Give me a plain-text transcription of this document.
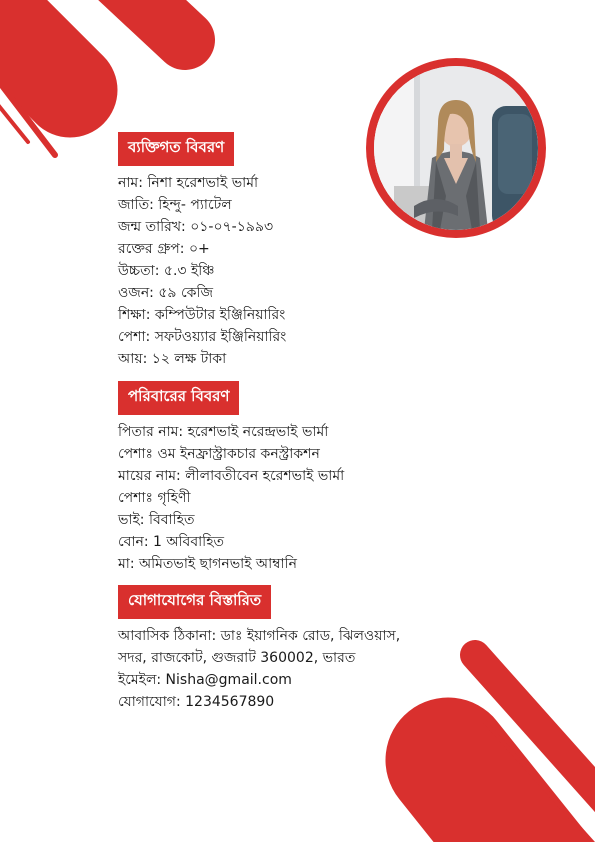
ব্যক্তিগত বিবরণ
নাম: নিশা হরেশভাই ভার্মা
জাতি: হিন্দু- প্যাটেল
জন্ম তারিখ: ০১-০৭-১৯৯৩
রক্তের গ্রুপ: ০+
উচ্চতা: ৫.৩ ইঞ্চি
ওজন: ৫৯ কেজি
শিক্ষা: কম্পিউটার ইঞ্জিনিয়ারিং
পেশা: সফটওয়্যার ইঞ্জিনিয়ারিং
আয়: ১২ লক্ষ টাকা
পরিবারের বিবরণ
পিতার নাম: হরেশভাই নরেন্দ্রভাই ভার্মা
পেশাঃ ওম ইনফ্রাস্ট্রাকচার কনস্ট্রাকশন
মায়ের নাম: লীলাবতীবেন হরেশভাই ভার্মা
পেশাঃ গৃহিণী
ভাই: বিবাহিত
বোন: 1 অবিবাহিত
মা: অমিতভাই ছাগনভাই আম্বানি
যোগাযোগের বিস্তারিত
আবাসিক ঠিকানা: ডাঃ ইয়াগনিক রোড, ঝিলওয়াস,
সদর, রাজকোট, গুজরাট 360002, ভারত
ইমেইল: Nisha@gmail.com
যোগাযোগ: 1234567890
